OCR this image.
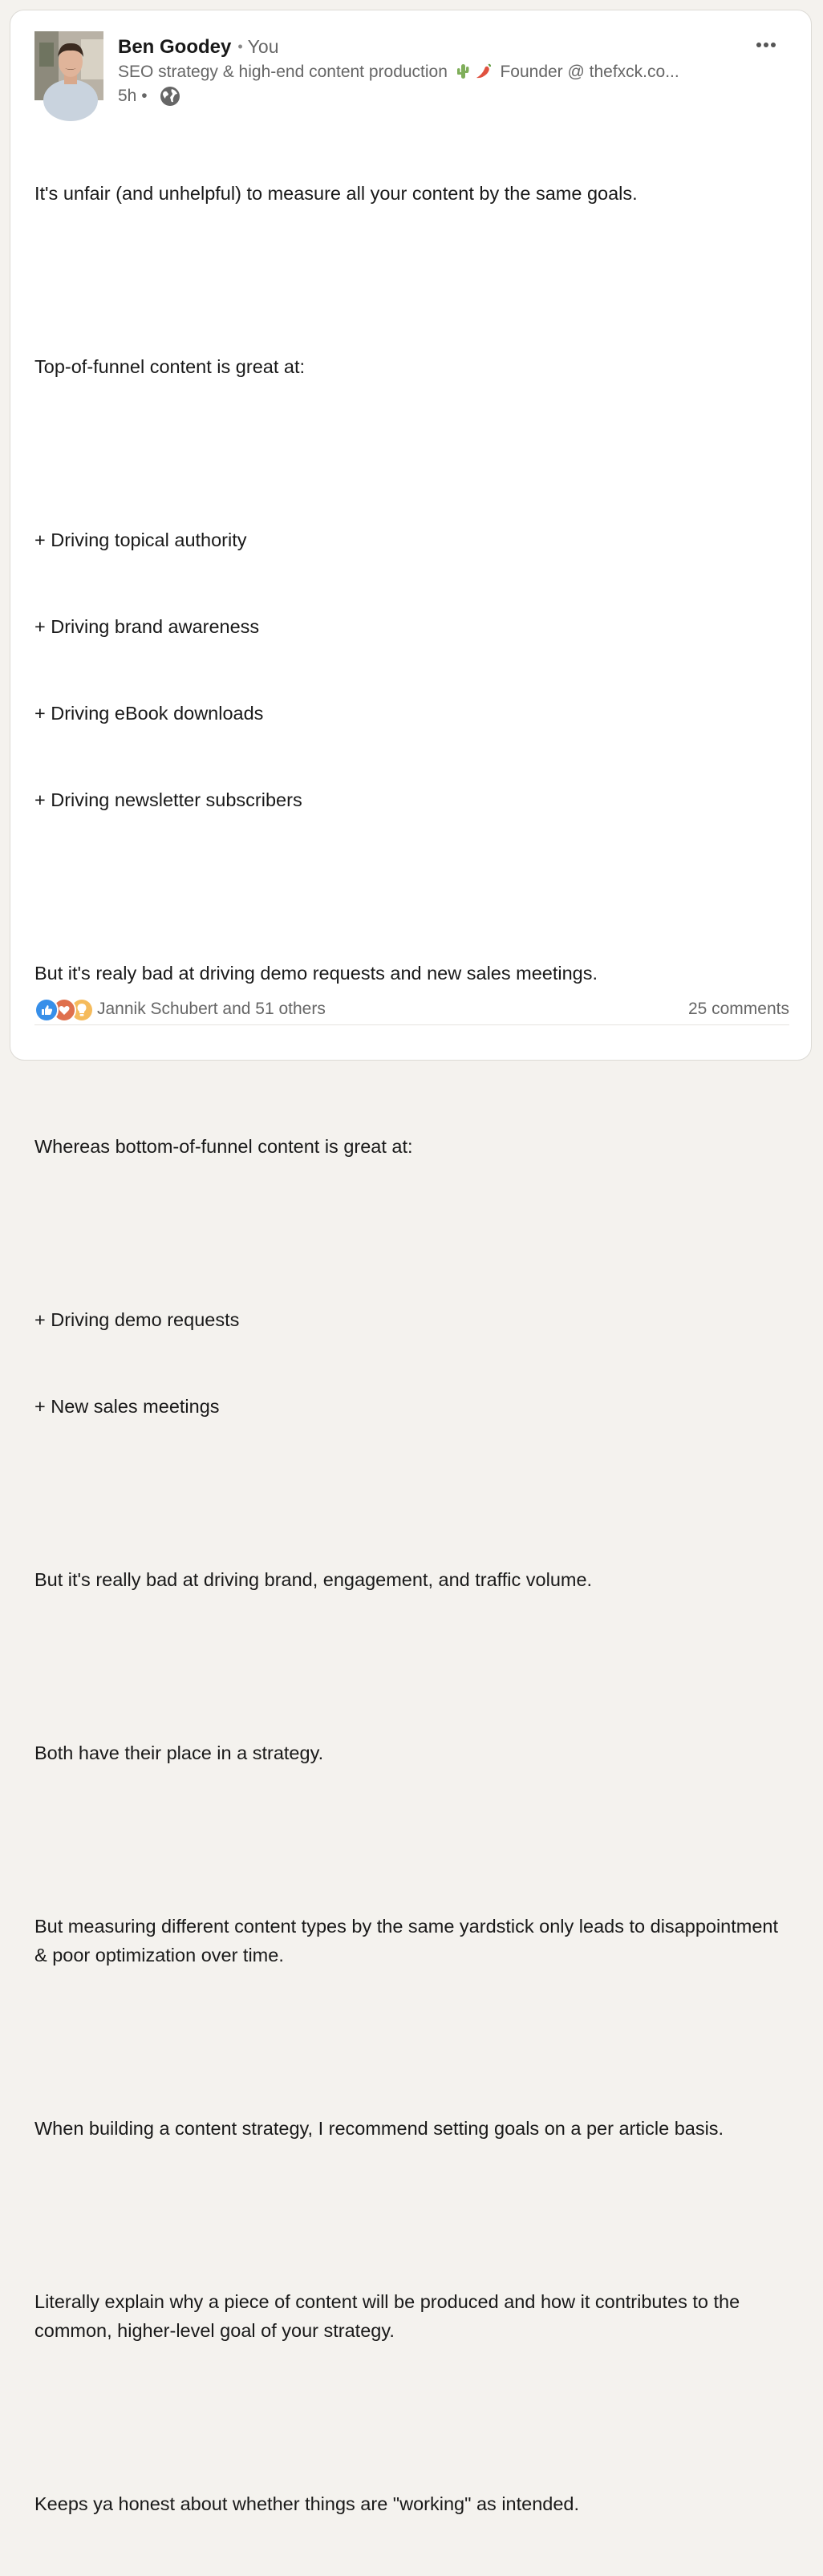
Ben Goodey • You
SEO strategy & high-end content production	Founder @ thefxck.co...
5h •

It's unfair (and unhelpful) to measure all your content by the same goals.

Top-of-funnel content is great at:

+ Driving topical authority

+ Driving brand awareness

+ Driving eBook downloads

+ Driving newsletter subscribers

But it's realy bad at driving demo requests and new sales meetings.

Whereas bottom-of-funnel content is great at:

+ Driving demo requests

+ New sales meetings

But it's really bad at driving brand, engagement, and traffic volume.

Both have their place in a strategy.

But measuring different content types by the same yardstick only leads to disappointment & poor optimization over time.

When building a content strategy, I recommend setting goals on a per article basis.

Literally explain why a piece of content will be produced and how it contributes to the common, higher-level goal of your strategy.

Keeps ya honest about whether things are "working" as intended.

Jannik Schubert and 51 others	25 comments
